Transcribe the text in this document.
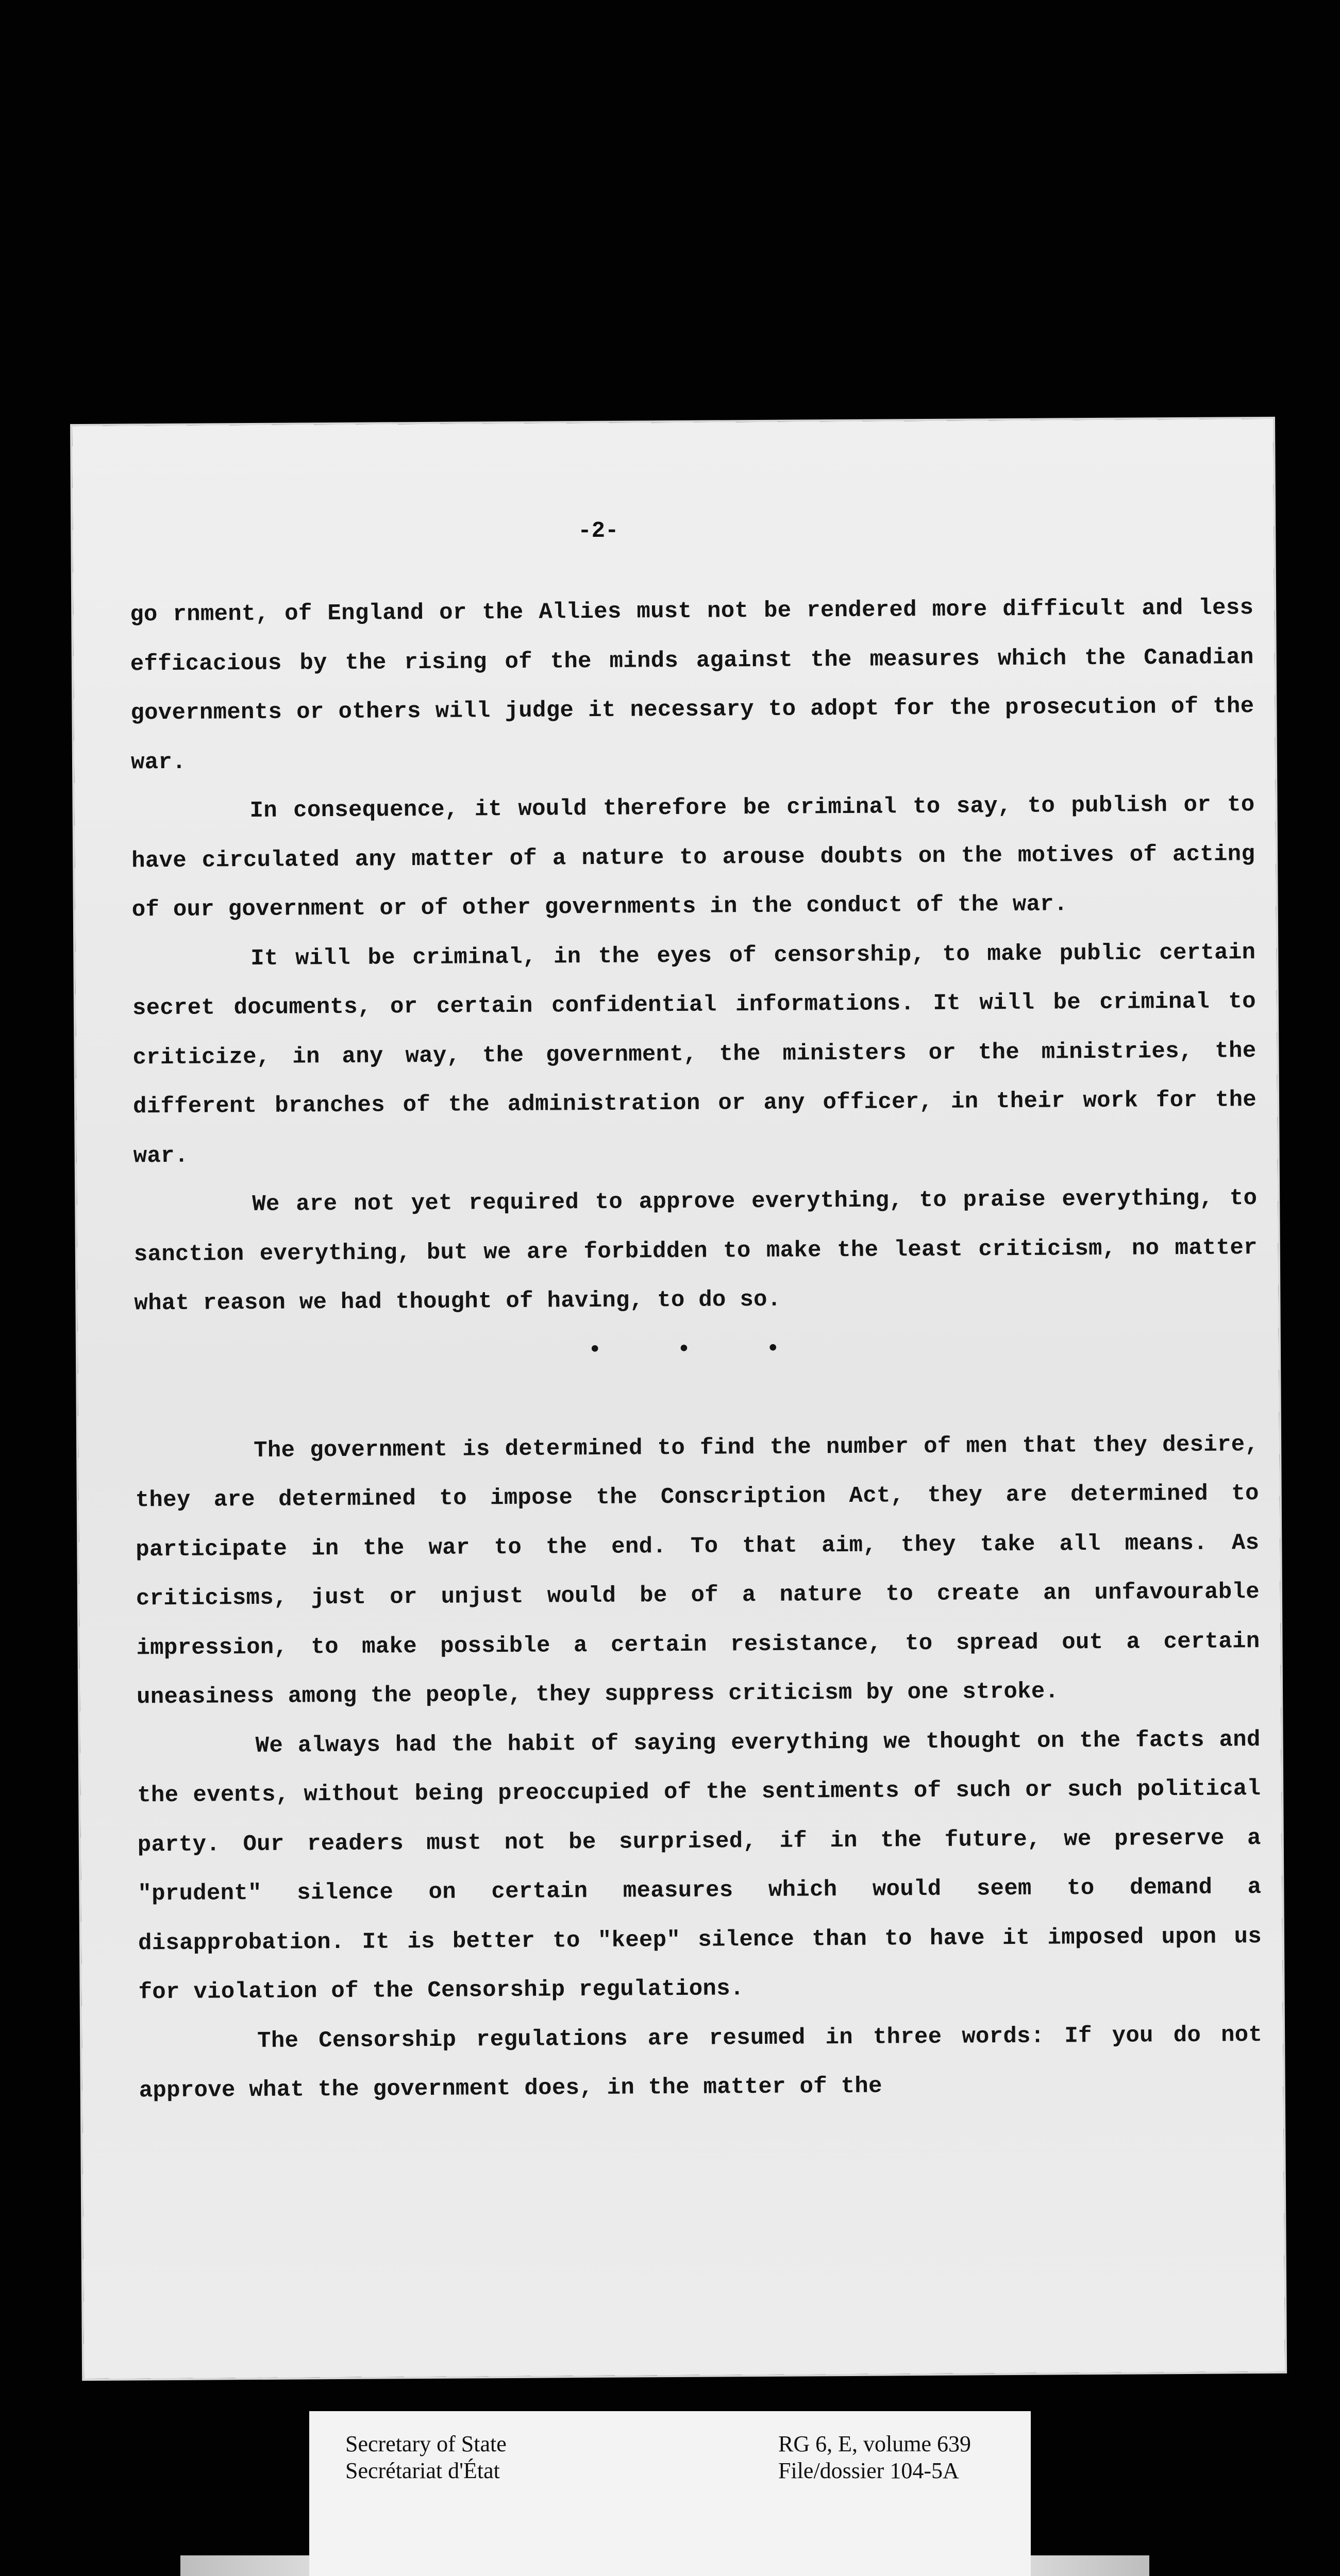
-2-

go rnment, of England or the Allies must not be rendered more difficult and less efficacious by the rising of the minds against the measures which the Canadian governments or others will judge it necessary to adopt for the prosecution of the war.

In consequence, it would therefore be criminal to say, to publish or to have circulated any matter of a nature to arouse doubts on the motives of acting of our government or of other governments in the conduct of the war.

It will be criminal, in the eyes of censorship, to make public certain secret documents, or certain confidential informations. It will be criminal to criticize, in any way, the government, the ministers or the ministries, the different branches of the administration or any officer, in their work for the war.

We are not yet required to approve everything, to praise everything, to sanction everything, but we are forbidden to make the least criticism, no matter what reason we had thought of having, to do so.

• • •

The government is determined to find the number of men that they desire, they are determined to impose the Conscription Act, they are determined to participate in the war to the end. To that aim, they take all means. As criticisms, just or unjust would be of a nature to create an unfavourable impression, to make possible a certain resistance, to spread out a certain uneasiness among the people, they suppress criticism by one stroke.

We always had the habit of saying everything we thought on the facts and the events, without being preoccupied of the sentiments of such or such political party. Our readers must not be surprised, if in the future, we preserve a "prudent" silence on certain measures which would seem to demand a disapprobation. It is better to "keep" silence than to have it imposed upon us for violation of the Censorship regulations.

The Censorship regulations are resumed in three words: If you do not approve what the government does, in the matter of the

Secretary of State
Secrétariat d'État
RG 6, E, volume 639
File/dossier 104-5A
